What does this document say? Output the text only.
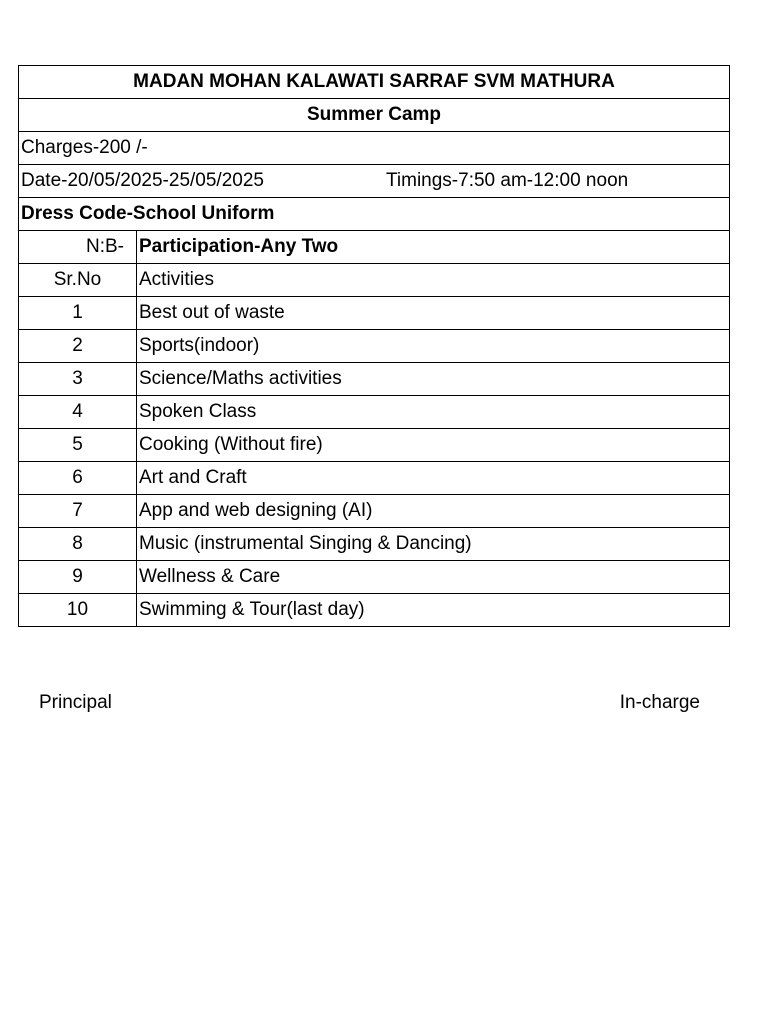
MADAN MOHAN KALAWATI SARRAF SVM MATHURA	
Summer Camp	
Charges-200 /-	

Date-20/05/2025-25/05/2025 Timings-7:50 am-12:00 noon	

Dress Code-School Uniform	
N:B-	Participation-Any Two
Sr.No	Activities
1	Best out of waste
2	Sports(indoor)
3	Science/Maths activities
4	Spoken Class
5	Cooking (Without fire)
6	Art and Craft
7	App and web designing (AI)
8	Music (instrumental Singing & Dancing)
9	Wellness & Care
10	Swimming & Tour(last day)
Principal	In-charge
